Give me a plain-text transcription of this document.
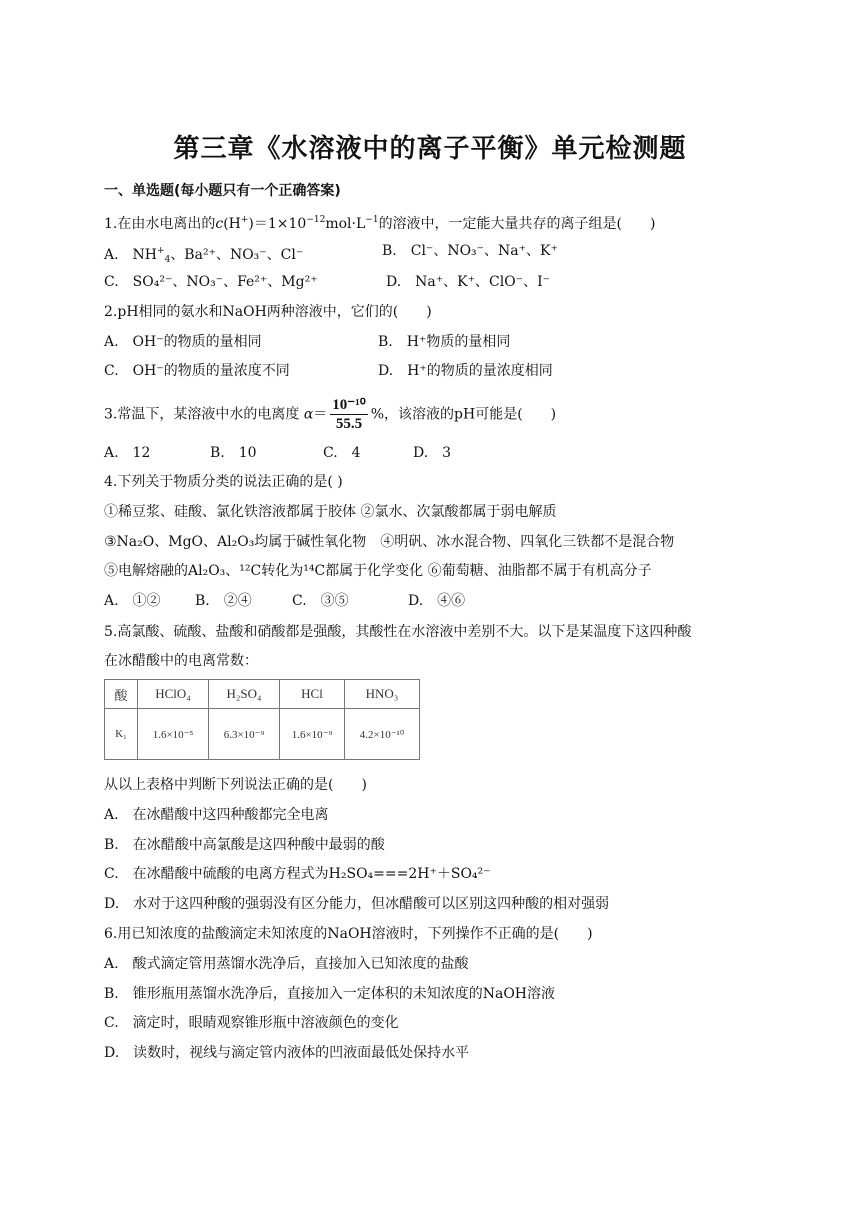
第三章《水溶液中的离子平衡》单元检测题
一、单选题(每小题只有一个正确答案)
1.在由水电离出的$c(H^+)=1\times 10^{-12}mol\cdot L^{-1}$的溶液中，一定能大量共存的离子组是(　　)
A.　$NH^+_4$、Ba²⁺、NO₃⁻、Cl⁻	B.　Cl⁻、NO₃⁻、Na⁺、K⁺
C.　SO₄²⁻、NO₃⁻、Fe²⁺、Mg²⁺	D.　Na⁺、K⁺、ClO⁻、I⁻
2.pH相同的氨水和NaOH两种溶液中，它们的(　　)
A.　OH⁻的物质的量相同	B.　H⁺物质的量相同
C.　OH⁻的物质的量浓度不同	D.　H⁺的物质的量浓度相同
3.常温下，某溶液中水的电离度 $\alpha= \frac{\text{10⁻¹⁰}}{55.5}$ %，该溶液的pH可能是(　　)
A.　12	B.　10	C.　4	D.　3
4.下列关于物质分类的说法正确的是( )
①稀豆浆、硅酸、氯化铁溶液都属于胶体 ②氯水、次氯酸都属于弱电解质
③Na₂O、MgO、Al₂O₃均属于碱性氧化物　④明矾、冰水混合物、四氧化三铁都不是混合物
⑤电解熔融的Al₂O₃、¹²C转化为¹⁴C都属于化学变化 ⑥葡萄糖、油脂都不属于有机高分子
A.　①② B.　②④	C.　③⑤	D.　④⑥
5.高氯酸、硫酸、盐酸和硝酸都是强酸，其酸性在水溶液中差别不大。以下是某温度下这四种酸
在冰醋酸中的电离常数：
酸	HClO₄	H₂SO₄	HCl	HNO₃
K₁	1.6×10⁻⁵	6.3×10⁻⁹	1.6×10⁻⁹	4.2×10⁻¹⁰
从以上表格中判断下列说法正确的是(　　)
A.　在冰醋酸中这四种酸都完全电离
B.　在冰醋酸中高氯酸是这四种酸中最弱的酸
C.　在冰醋酸中硫酸的电离方程式为H₂SO₄===2H⁺＋SO₄²⁻
D.　水对于这四种酸的强弱没有区分能力，但冰醋酸可以区别这四种酸的相对强弱
6.用已知浓度的盐酸滴定未知浓度的NaOH溶液时，下列操作不正确的是(　　)
A.　酸式滴定管用蒸馏水洗净后，直接加入已知浓度的盐酸
B.　锥形瓶用蒸馏水洗净后，直接加入一定体积的未知浓度的NaOH溶液
C.　滴定时，眼睛观察锥形瓶中溶液颜色的变化
D.　读数时，视线与滴定管内液体的凹液面最低处保持水平
